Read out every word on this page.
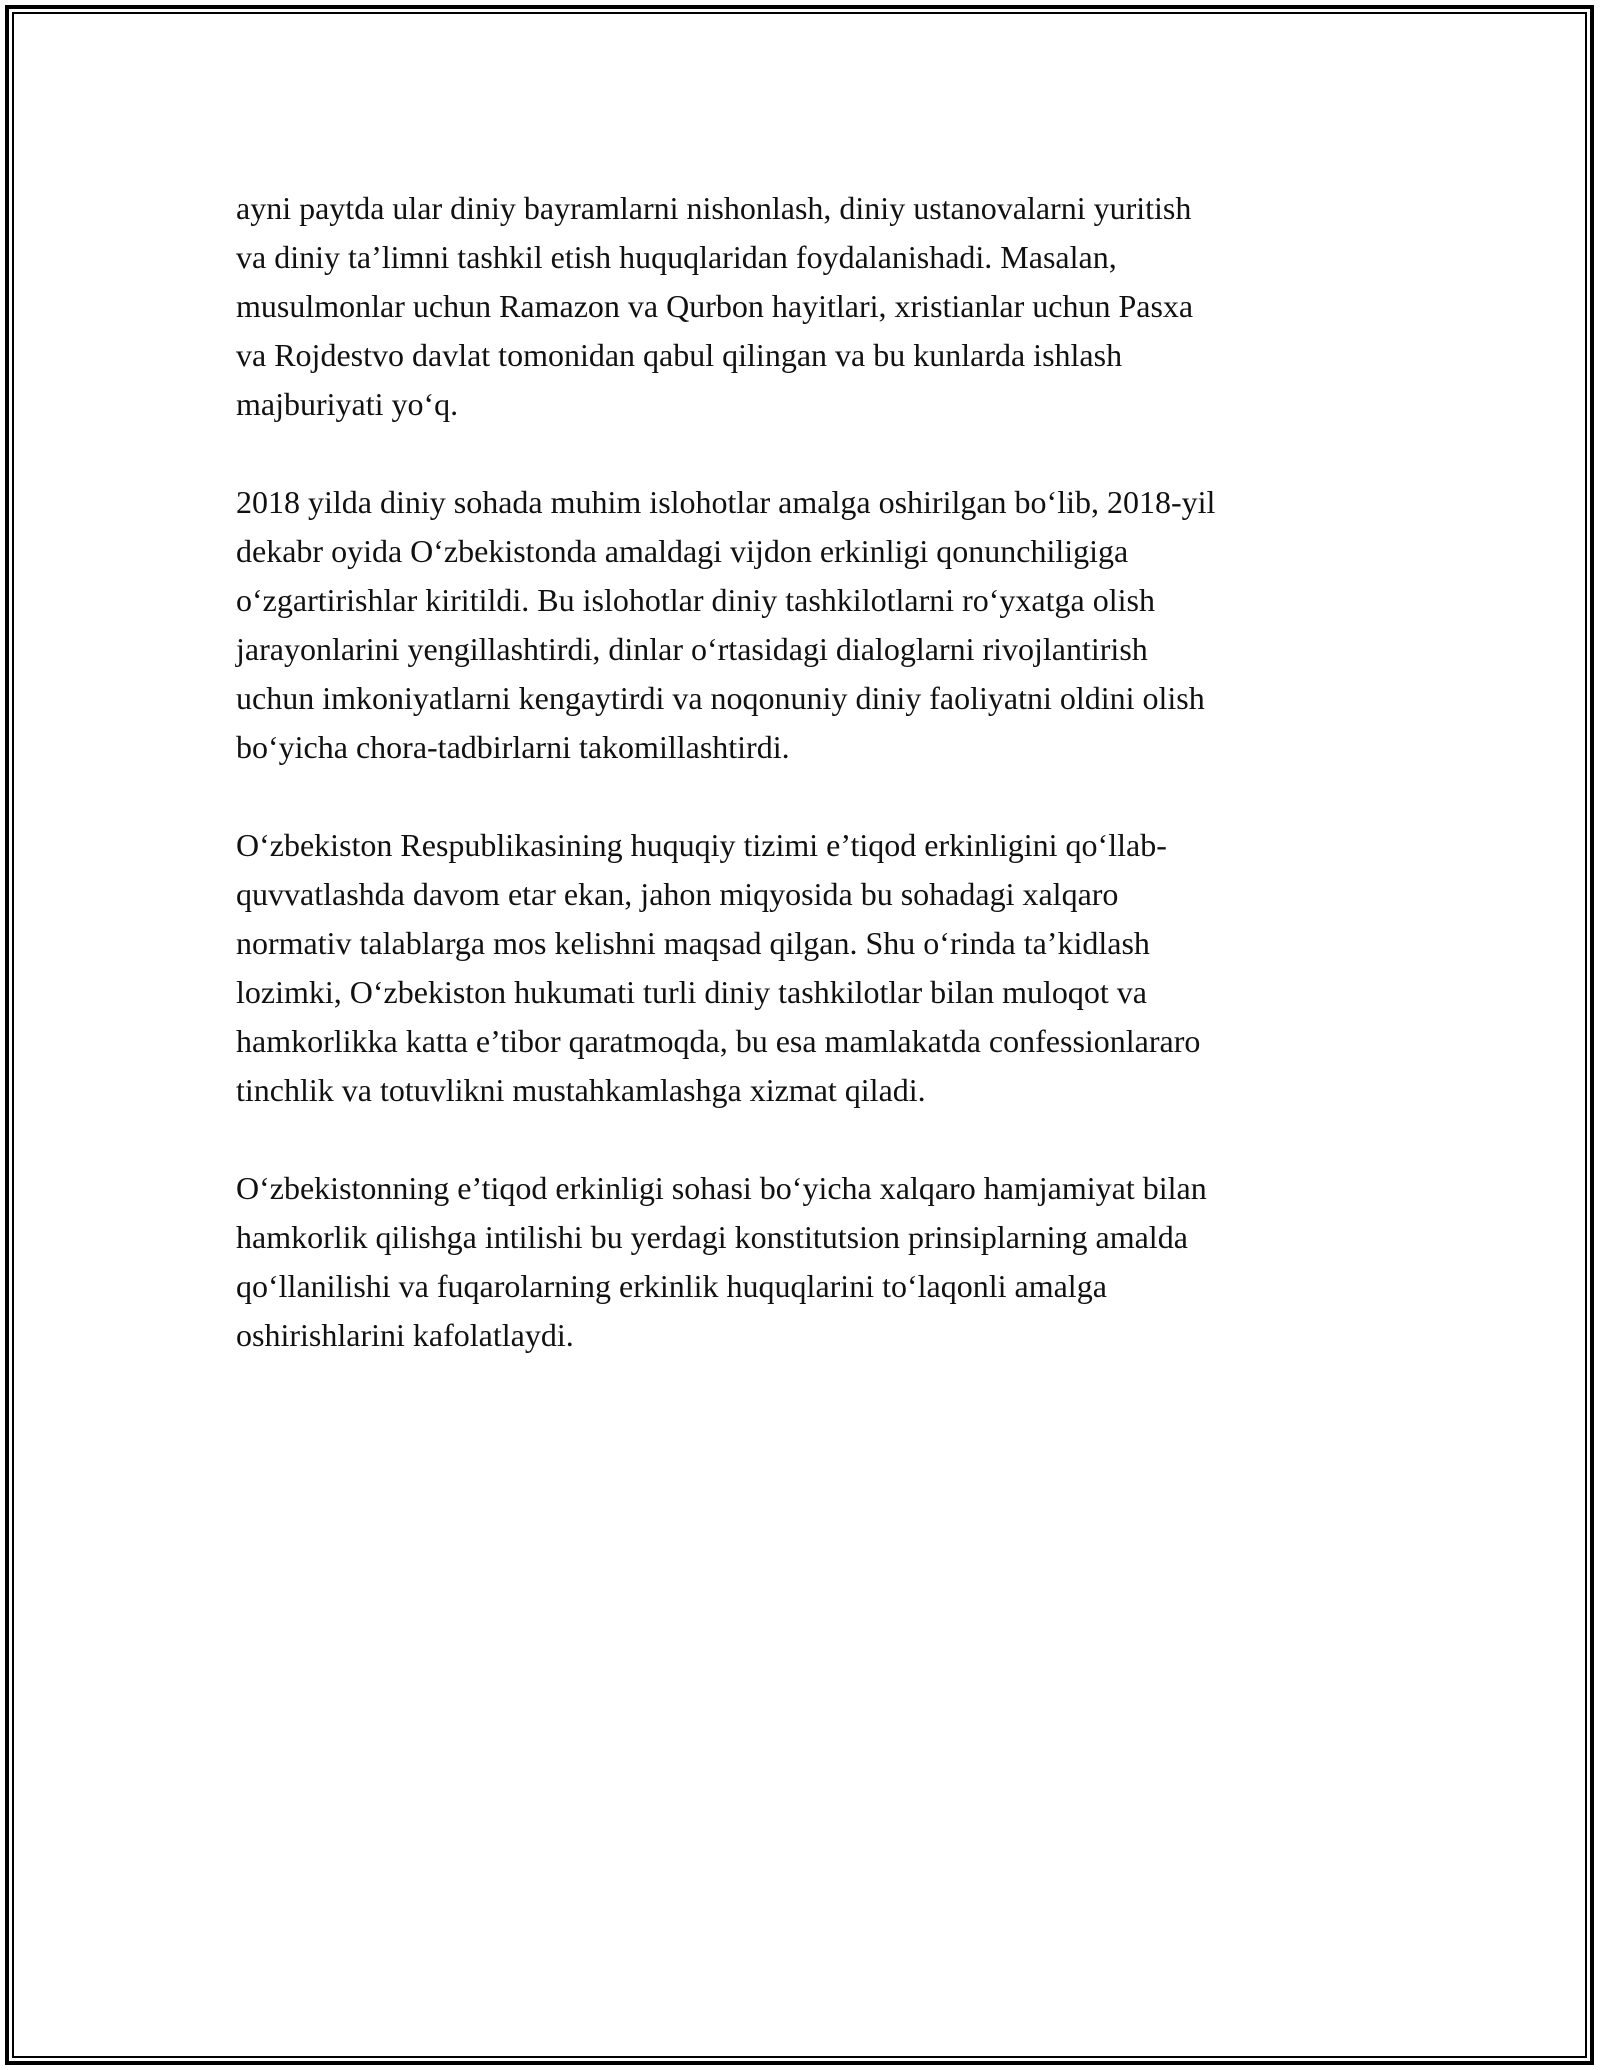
ayni paytda ular diniy bayramlarni nishonlash, diniy ustanovalarni yuritish
va diniy ta’limni tashkil etish huquqlaridan foydalanishadi. Masalan,
musulmonlar uchun Ramazon va Qurbon hayitlari, xristianlar uchun Pasxa
va Rojdestvo davlat tomonidan qabul qilingan va bu kunlarda ishlash
majburiyati yo‘q.

2018 yilda diniy sohada muhim islohotlar amalga oshirilgan bo‘lib, 2018-yil
dekabr oyida O‘zbekistonda amaldagi vijdon erkinligi qonunchiligiga
o‘zgartirishlar kiritildi. Bu islohotlar diniy tashkilotlarni ro‘yxatga olish
jarayonlarini yengillashtirdi, dinlar o‘rtasidagi dialoglarni rivojlantirish
uchun imkoniyatlarni kengaytirdi va noqonuniy diniy faoliyatni oldini olish
bo‘yicha chora-tadbirlarni takomillashtirdi.

O‘zbekiston Respublikasining huquqiy tizimi e’tiqod erkinligini qo‘llab-
quvvatlashda davom etar ekan, jahon miqyosida bu sohadagi xalqaro
normativ talablarga mos kelishni maqsad qilgan. Shu o‘rinda ta’kidlash
lozimki, O‘zbekiston hukumati turli diniy tashkilotlar bilan muloqot va
hamkorlikka katta e’tibor qaratmoqda, bu esa mamlakatda confessionlararo
tinchlik va totuvlikni mustahkamlashga xizmat qiladi.

O‘zbekistonning e’tiqod erkinligi sohasi bo‘yicha xalqaro hamjamiyat bilan
hamkorlik qilishga intilishi bu yerdagi konstitutsion prinsiplarning amalda
qo‘llanilishi va fuqarolarning erkinlik huquqlarini to‘laqonli amalga
oshirishlarini kafolatlaydi.
